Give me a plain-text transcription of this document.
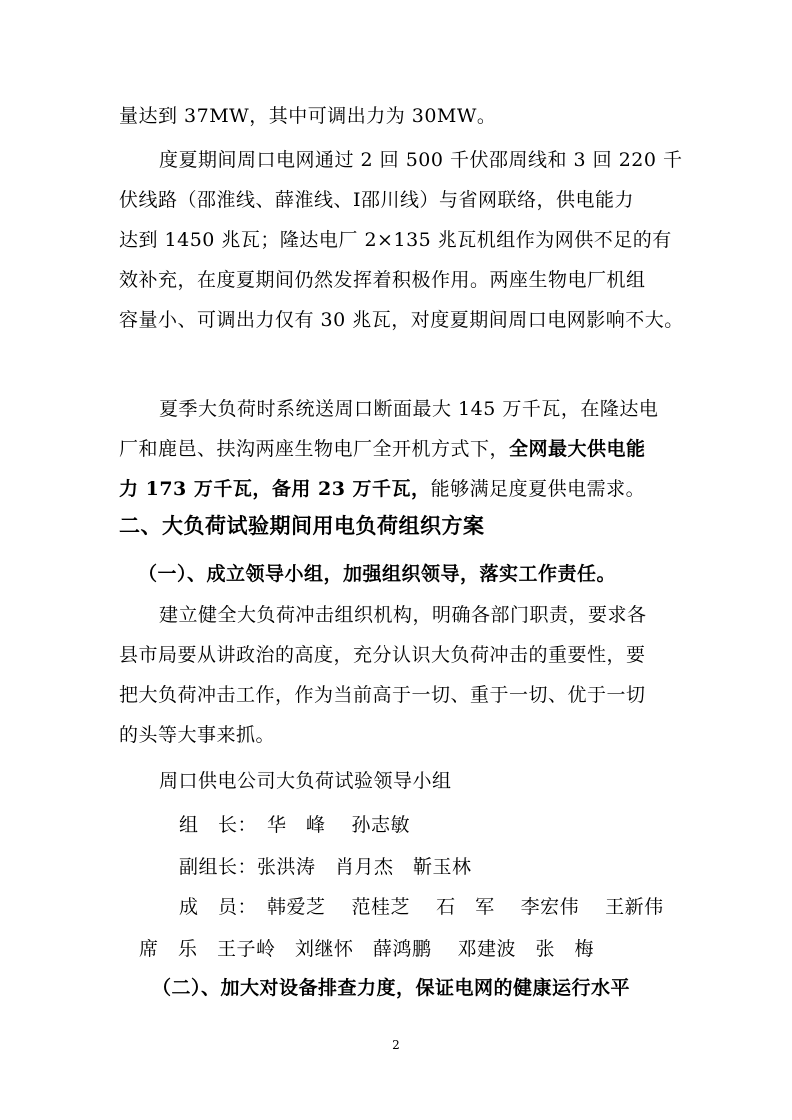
量达到 37MW，其中可调出力为 30MW。
度夏期间周口电网通过 2 回 500 千伏邵周线和 3 回 220 千
伏线路（邵淮线、薛淮线、Ⅰ邵川线）与省网联络，供电能力
达到 1450 兆瓦；隆达电厂 2×135 兆瓦机组作为网供不足的有
效补充，在度夏期间仍然发挥着积极作用。两座生物电厂机组
容量小、可调出力仅有 30 兆瓦，对度夏期间周口电网影响不大。
夏季大负荷时系统送周口断面最大 145 万千瓦，在隆达电
厂和鹿邑、扶沟两座生物电厂全开机方式下，全网最大供电能
力 173 万千瓦，备用 23 万千瓦，能够满足度夏供电需求。
二、大负荷试验期间用电负荷组织方案
（一）、成立领导小组，加强组织领导，落实工作责任。
建立健全大负荷冲击组织机构，明确各部门职责，要求各
县市局要从讲政治的高度，充分认识大负荷冲击的重要性，要
把大负荷冲击工作，作为当前高于一切、重于一切、优于一切
的头等大事来抓。
周口供电公司大负荷试验领导小组
组　长：　华　峰　 孙志敏
副组长：张洪涛　肖月杰　靳玉林
成　员：　韩爱芝　 范桂芝　 石　军　 李宏伟　 王新伟
席　乐　王子岭　刘继怀　薛鸿鹏　 邓建波　张　梅
（二）、加大对设备排查力度，保证电网的健康运行水平
2
